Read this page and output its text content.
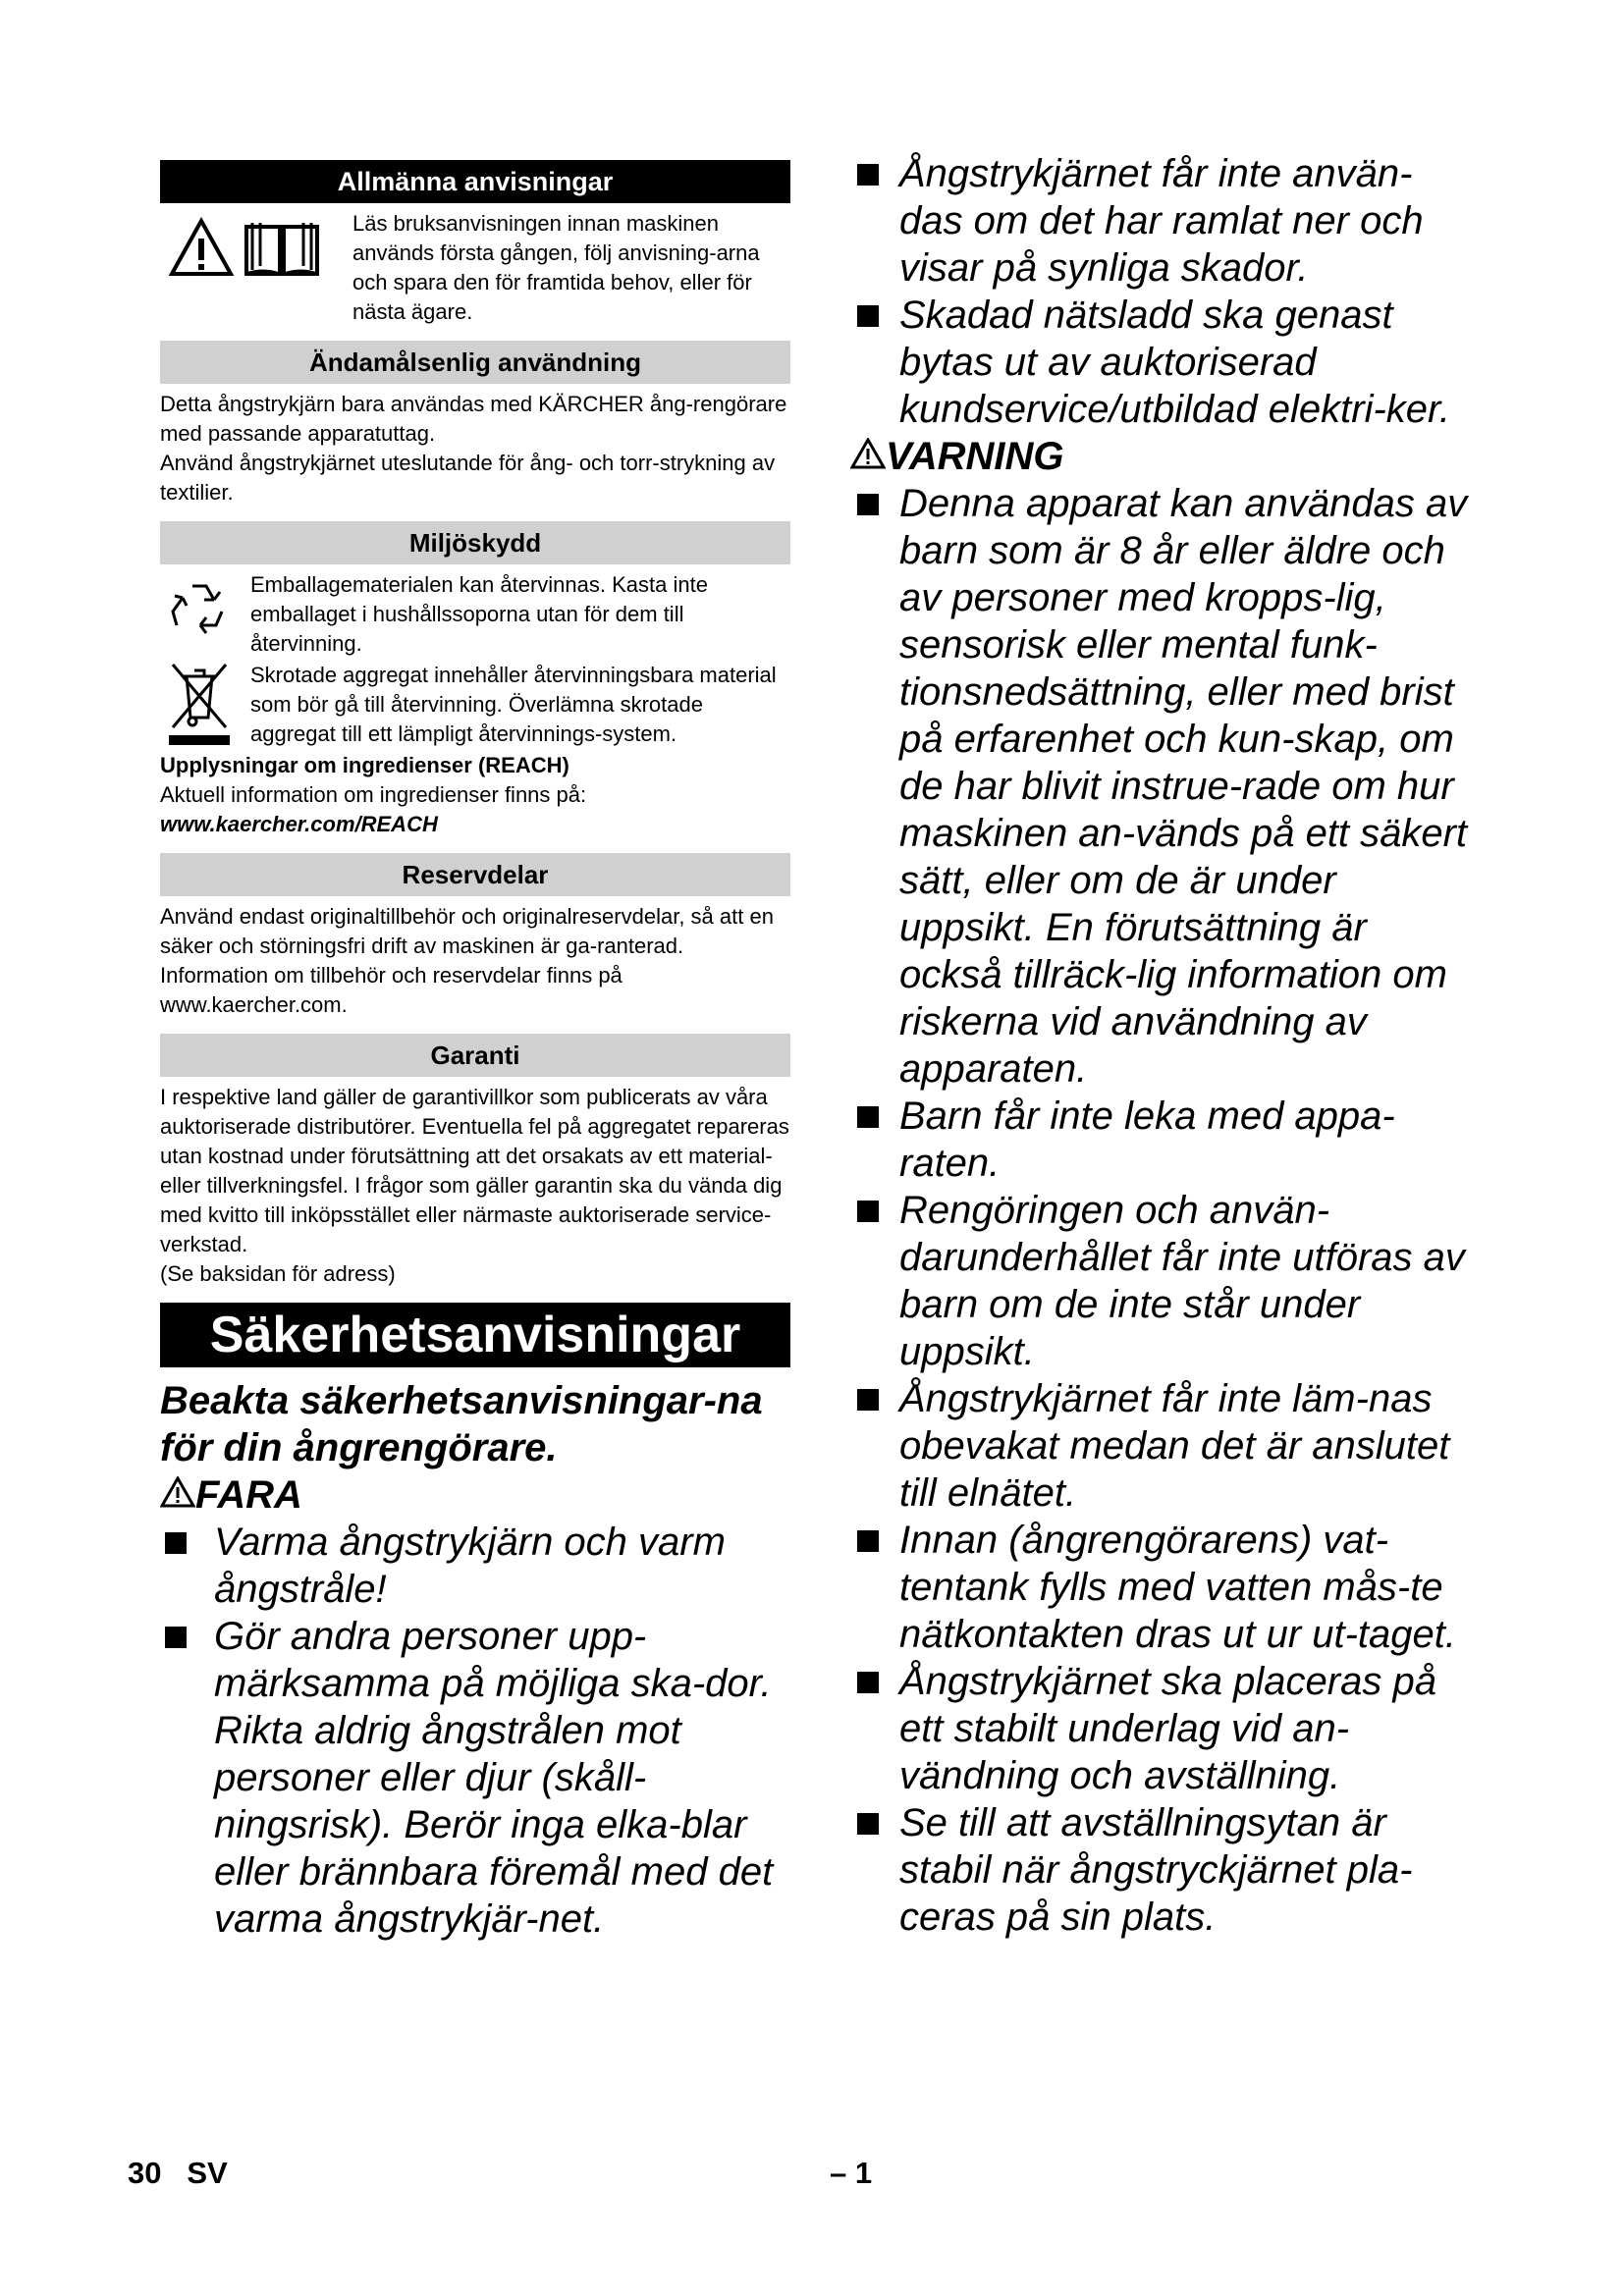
Allmänna anvisningar
Läs bruksanvisningen innan maskinen används första gången, följ anvisning-arna och spara den för framtida behov, eller för nästa ägare.
Ändamålsenlig användning

Detta ångstrykjärn bara användas med KÄRCHER ång-rengörare med passande apparatuttag.

Använd ångstrykjärnet uteslutande för ång- och torr-strykning av textilier.

Miljöskydd
Emballagematerialen kan återvinnas. Kasta inte emballaget i hushållssoporna utan för dem till återvinning.
Skrotade aggregat innehåller återvinningsbara material som bör gå till återvinning. Överlämna skrotade aggregat till ett lämpligt återvinnings-system.

Upplysningar om ingredienser (REACH)

Aktuell information om ingredienser finns på:

www.kaercher.com/REACH

Reservdelar

Använd endast originaltillbehör och originalreservdelar, så att en säker och störningsfri drift av maskinen är ga-ranterad.

Information om tillbehör och reservdelar finns på www.kaercher.com.

Garanti

I respektive land gäller de garantivillkor som publicerats av våra auktoriserade distributörer. Eventuella fel på aggregatet repareras utan kostnad under förutsättning att det orsakats av ett material- eller tillverkningsfel. I frågor som gäller garantin ska du vända dig med kvitto till inköpsstället eller närmaste auktoriserade service-verkstad.

(Se baksidan för adress)

Säkerhetsanvisningar
Beakta säkerhetsanvisningar-na för din ångrengörare.
FARA
Varma ångstrykjärn och varm ångstråle!
Gör andra personer upp-märksamma på möjliga ska-dor. Rikta aldrig ångstrålen mot personer eller djur (skåll-ningsrisk). Berör inga elka-blar eller brännbara föremål med det varma ångstrykjär-net.
Ångstrykjärnet får inte använ-das om det har ramlat ner och visar på synliga skador.
Skadad nätsladd ska genast bytas ut av auktoriserad kundservice/utbildad elektri-ker.
VARNING
Denna apparat kan användas av barn som är 8 år eller äldre och av personer med kropps-lig, sensorisk eller mental funk-tionsnedsättning, eller med brist på erfarenhet och kun-skap, om de har blivit instrue-rade om hur maskinen an-vänds på ett säkert sätt, eller om de är under uppsikt. En förutsättning är också tillräck-lig information om riskerna vid användning av apparaten.
Barn får inte leka med appa-raten.
Rengöringen och använ-darunderhållet får inte utföras av barn om de inte står under uppsikt.
Ångstrykjärnet får inte läm-nas obevakat medan det är anslutet till elnätet.
Innan (ångrengörarens) vat-tentank fylls med vatten mås-te nätkontakten dras ut ur ut-taget.
Ångstrykjärnet ska placeras på ett stabilt underlag vid an-vändning och avställning.
Se till att avställningsytan är stabil när ångstryckjärnet pla-ceras på sin plats.
30   SV	– 1
